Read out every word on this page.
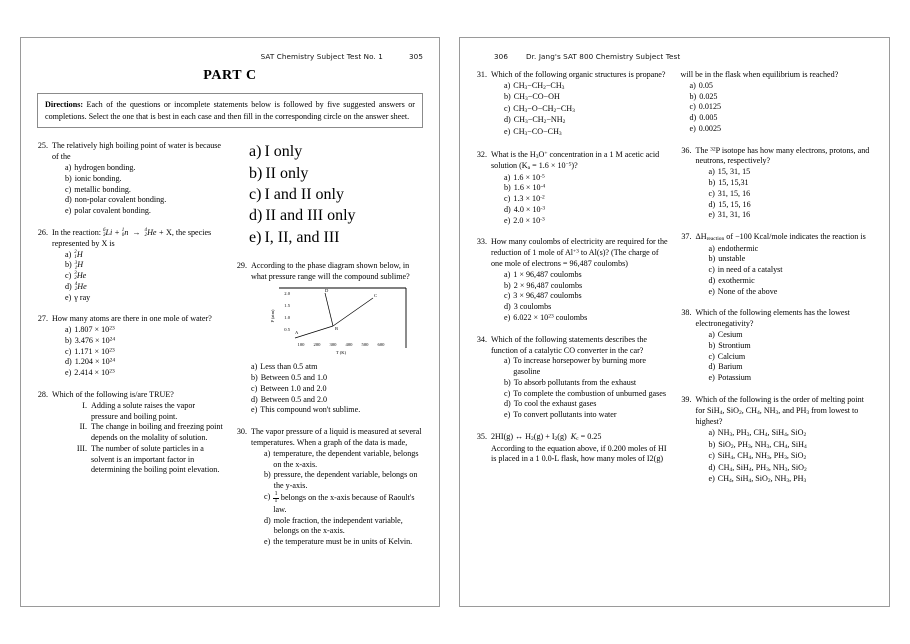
SAT Chemistry Subject Test No. 1	305
PART C
Directions: Each of the questions or incomplete statements below is followed by five suggested answers or completions. Select the one that is best in each case and then fill in the corresponding circle on the answer sheet.
25. The relatively high boiling point of water is because of the
a) hydrogen bonding.
b) ionic bonding.
c) metallic bonding.
d) non-polar covalent bonding.
e) polar covalent bonding.
26. In the reaction: 6
3 Li + 1
0 n  → 4
2 He + X, the species represented by X is
a) 2
1 H
b) 3
1 H
c) 3
2 He
d) 4
2 He
e) γ ray
27. How many atoms are there in one mole of water?
a) $1.807 \times 10^{23}$
b) $3.476 \times 10^{24}$
c) $1.171 \times 10^{23}$
d) $1.204 \times 10^{24}$
e) $2.414 \times 10^{23}$
28. Which of the following is/are TRUE?
I. Adding a solute raises the vapor pressure and boiling point.
II. The change in boiling and freezing point depends on the molality of solution.
III. The number of solute particles in a solvent is an important factor in determining the boiling point elevation.
a) I only
b) II only
c) I and II only
d) II and III only
e) I, II, and III
29. According to the phase diagram shown below, in what pressure range will the compound sublime?
2.0
1.5
1.0
0.5
P (atm)
100 200 300 400 500 600
T (K)
A
B
C
D
a) Less than 0.5 atm
b) Between 0.5 and 1.0
c) Between 1.0 and 2.0
d) Between 0.5 and 2.0
e) This compound won't sublime.
30. The vapor pressure of a liquid is measured at several temperatures. When a graph of the data is made,
a) temperature, the dependent variable, belongs on the x-axis.
b) pressure, the dependent variable, belongs on the y-axis.
$c) \frac{1}{T}$ belongs on the x-axis because of Raoult's law.
d) mole fraction, the independent variable, belongs on the x-axis.
e) the temperature must be in units of Kelvin.
306	Dr. Jang's SAT 800 Chemistry Subject Test
31. Which of the following organic structures is propane?
a) $CH_3-CH_2-CH_3$
b) $CH_3-CO-OH$
c) $CH_3-O-CH_2-CH_3$
d) $CH_3-CH_2-NH_2$
e) $CH_3-CO-CH_3$
32. What is the $H_3O^+$ concentration in a 1 M acetic acid solution $(K_a = 1.6 \times 10^{-5})$?
a) $1.6 \times 10^{-5}$
b) $1.6 \times 10^{-4}$
c) $1.3 \times 10^{-2}$
d) $4.0 \times 10^{-3}$
e) $2.0 \times 10^{-3}$
33. How many coulombs of electricity are required for the reduction of 1 mole of $Al^{+3}$ to Al(s)? (The charge of one mole of electrons = 96,487 coulombs)
a) 1 × 96,487 coulombs
b) 2 × 96,487 coulombs
c) 3 × 96,487 coulombs
d) 3 coulombs
e) $6.022 \times 10^{23}$ coulombs
34. Which of the following statements describes the function of a catalytic CO converter in the car?
a) To increase horsepower by burning more gasoline
b) To absorb pollutants from the exhaust
c) To complete the combustion of unburned gases
d) To cool the exhaust gases
e) To convert pollutants into water
35. 2HI(g) ↔ $H_2(g) + I_2(g) K_c = 0.25$
According to the equation above, if 0.200 moles of HI is placed in a 1 0.0-L flask, how many moles of I2(g)
will be in the flask when equilibrium is reached?
a) 0.05
b) 0.025
c) 0.0125
d) 0.005
e) 0.0025
36. The $^{32}$P isotope has how many electrons, protons, and neutrons, respectively?
a) 15, 31, 15
b) 15, 15,31
c) 31, 15, 16
d) 15, 15, 16
e) 31, 31, 16
37. $\Delta H_{reaction}$ of −100 Kcal/mole indicates the reaction is
a) endothermic
b) unstable
c) in need of a catalyst
d) exothermic
e) None of the above
38. Which of the following elements has the lowest electronegativity?
a) Cesium
b) Strontium
c) Calcium
d) Barium
e) Potassium
39. Which of the following is the order of melting point for SiH$_4$, SiO$_2$, $CH_4$, $NH_3$, and $PH_3$ from lowest to highest?
a) $NH_3$, $PH_3$, $CH_4$, SiH$_4$, SiO$_2$
b) SiO$_2$, $PH_3$, $NH_3$, $CH_4$, SiH$_4$
c) SiH$_4$, $CH_4$, $NH_3$, $PH_3$, SiO$_2$
d) $CH_4$, SiH$_4$, $PH_3$, $NH_3$, SiO$_2$
e) $CH_4$, SiH$_4$, SiO$_2$, $NH_3$, $PH_3$
